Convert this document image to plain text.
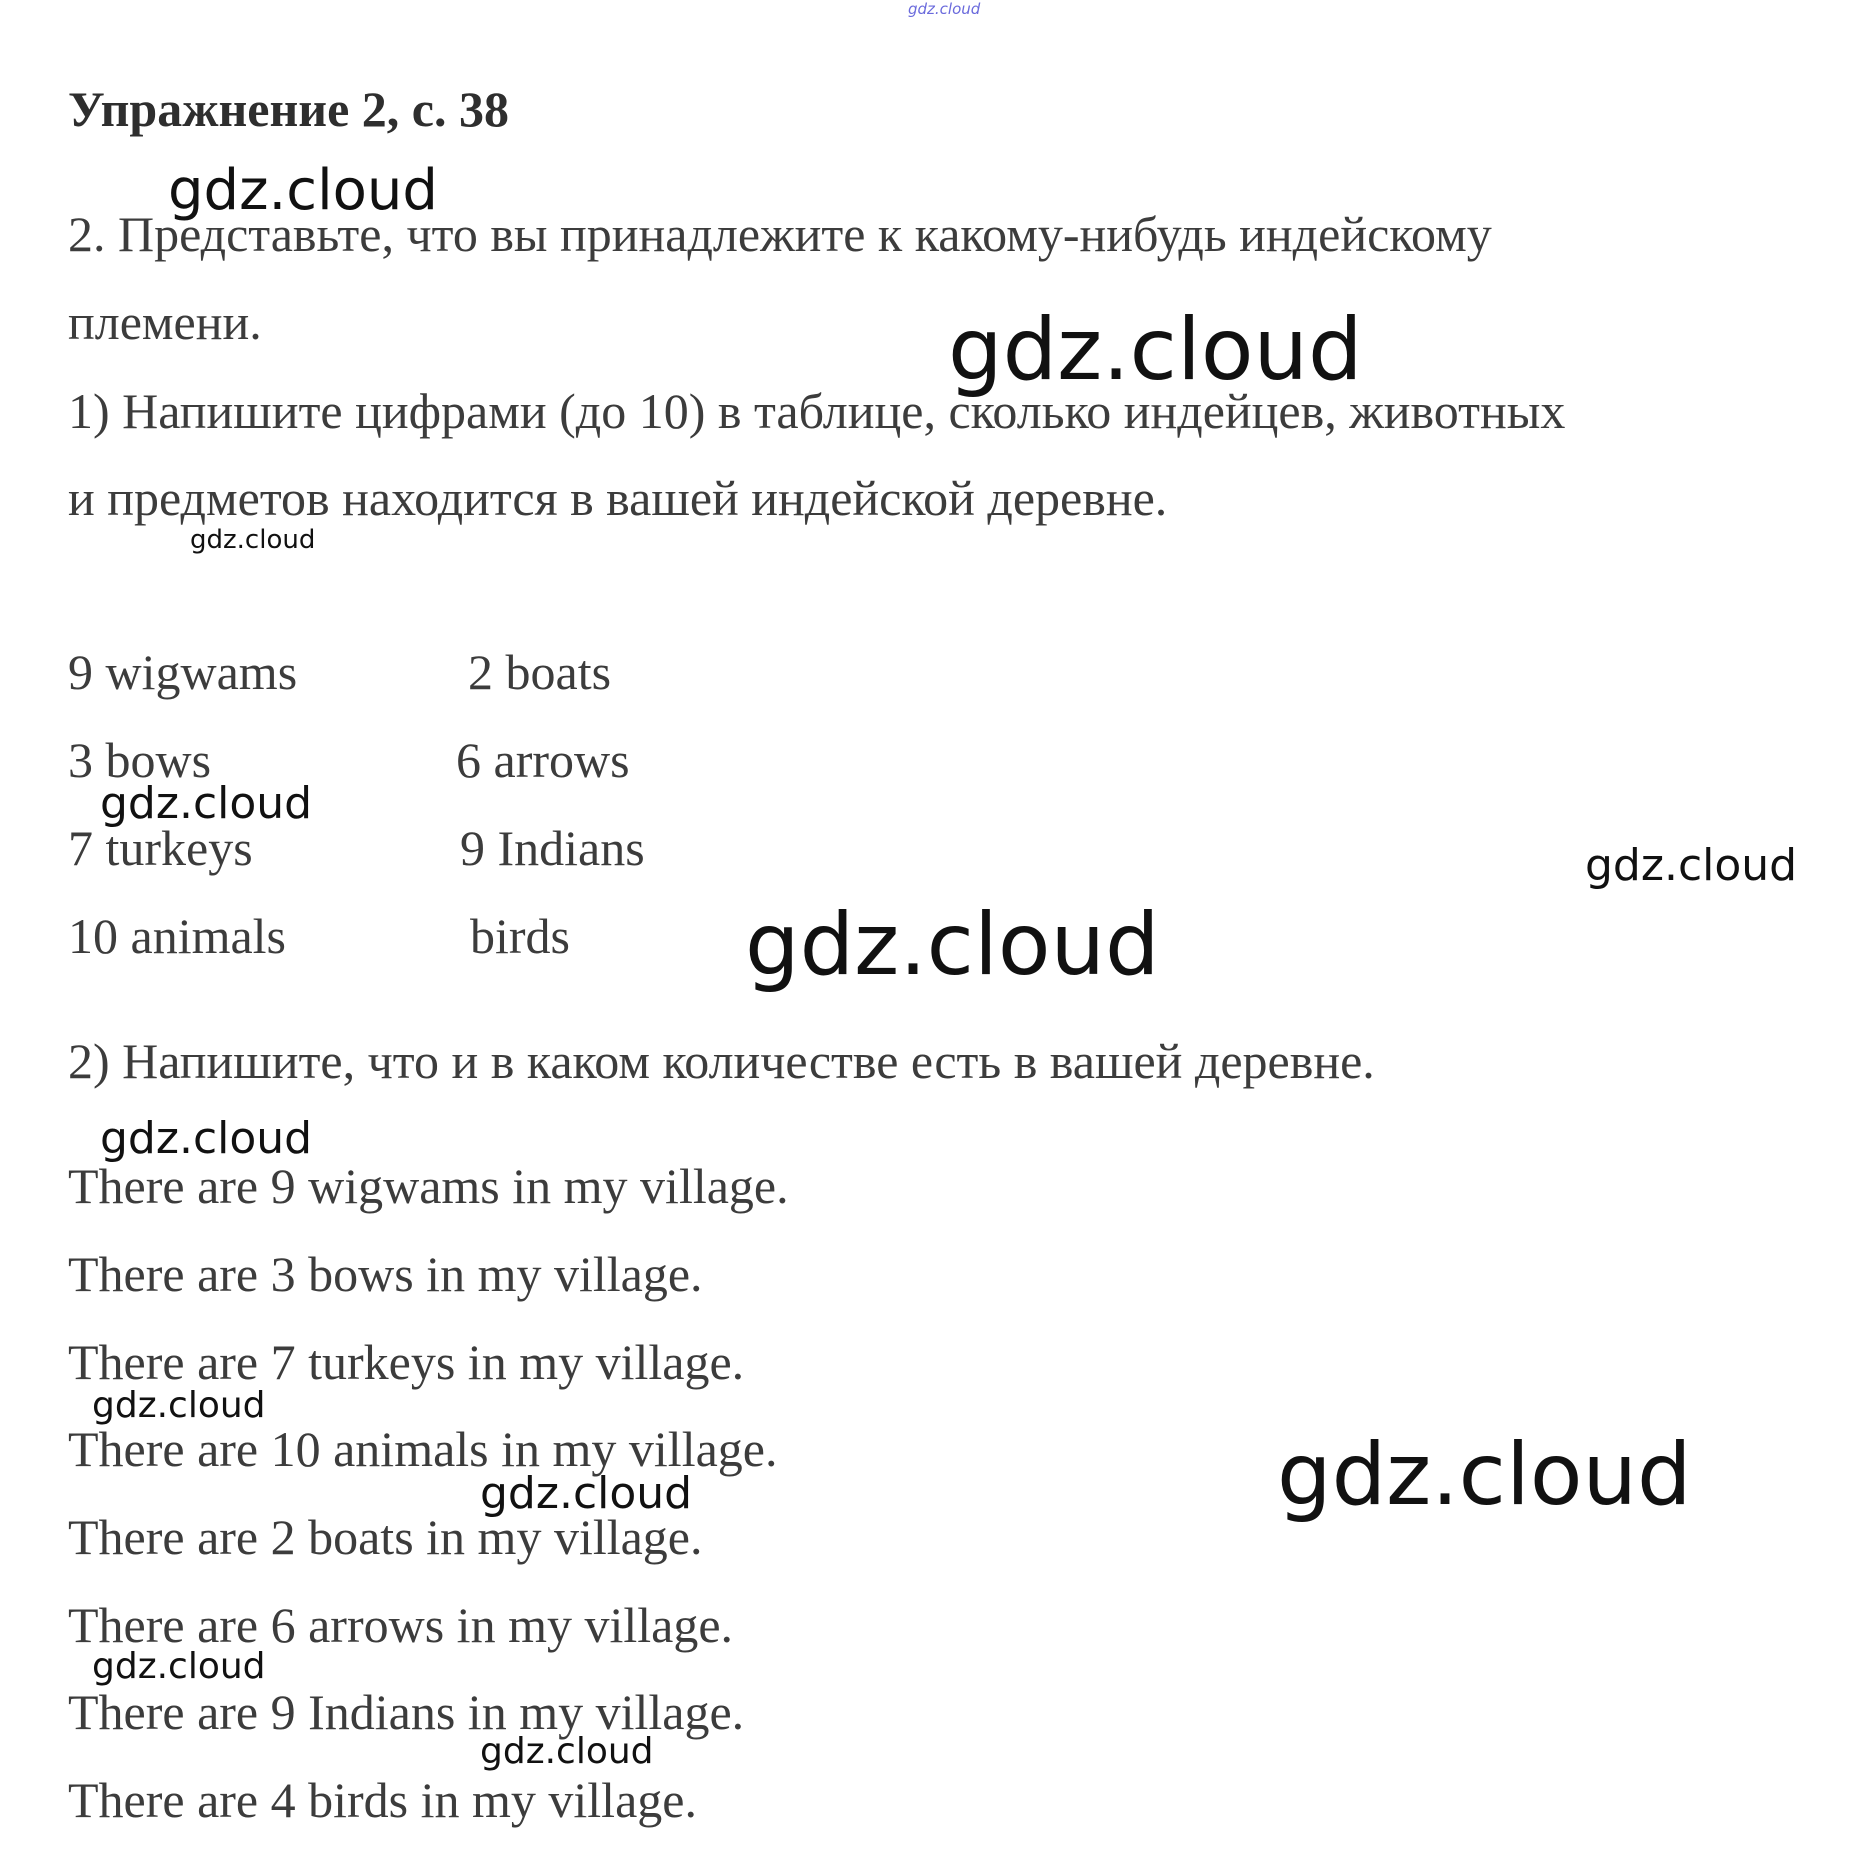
gdz.cloud
Упражнение 2, с. 38
2. Представьте, что вы принадлежите к какому-нибудь индейскому
племени.
1) Напишите цифрами (до 10) в таблице, сколько индейцев, животных
и предметов находится в вашей индейской деревне.
9 wigwams	2 boats
3 bows	6 arrows
7 turkeys	9 Indians
10 animals	birds
2) Напишите, что и в каком количестве есть в вашей деревне.
There are 9 wigwams in my village.
There are 3 bows in my village.
There are 7 turkeys in my village.
There are 10 animals in my village.
There are 2 boats in my village.
There are 6 arrows in my village.
There are 9 Indians in my village.
There are 4 birds in my village.
gdz.cloud
gdz.cloud
gdz.cloud
gdz.cloud
gdz.cloud
gdz.cloud
gdz.cloud
gdz.cloud
gdz.cloud
gdz.cloud
gdz.cloud
gdz.cloud
